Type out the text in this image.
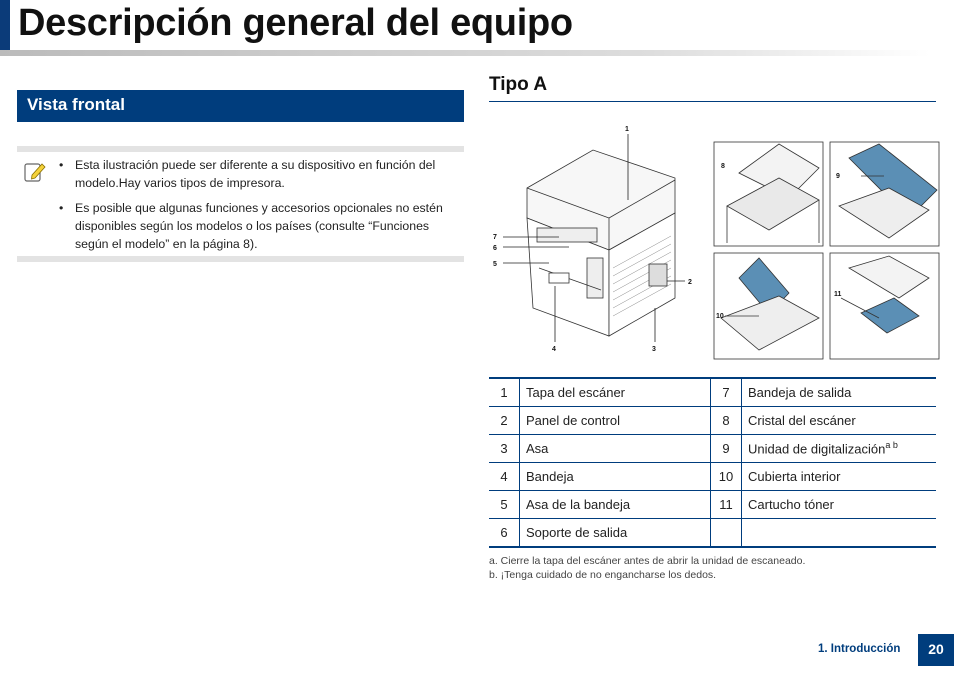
Descripción general del equipo
Vista frontal
• Esta ilustración puede ser diferente a su dispositivo en función del modelo.Hay varios tipos de impresora.
• Es posible que algunas funciones y accesorios opcionales no estén disponibles según los modelos o los países (consulte “Funciones según el modelo” en la página 8).
Tipo A
1
2
3
4
5
6
7
8
9
10
11
1	Tapa del escáner	7	Bandeja de salida
2	Panel de control	8	Cristal del escáner
3	Asa	9	Unidad de digitalización$^{a b}$
4	Bandeja	10	Cubierta interior
5	Asa de la bandeja	11	Cartucho tóner
6	Soporte de salida		
a. Cierre la tapa del escáner antes de abrir la unidad de escaneado.
b. ¡Tenga cuidado de no engancharse los dedos.
1. Introducción	20
